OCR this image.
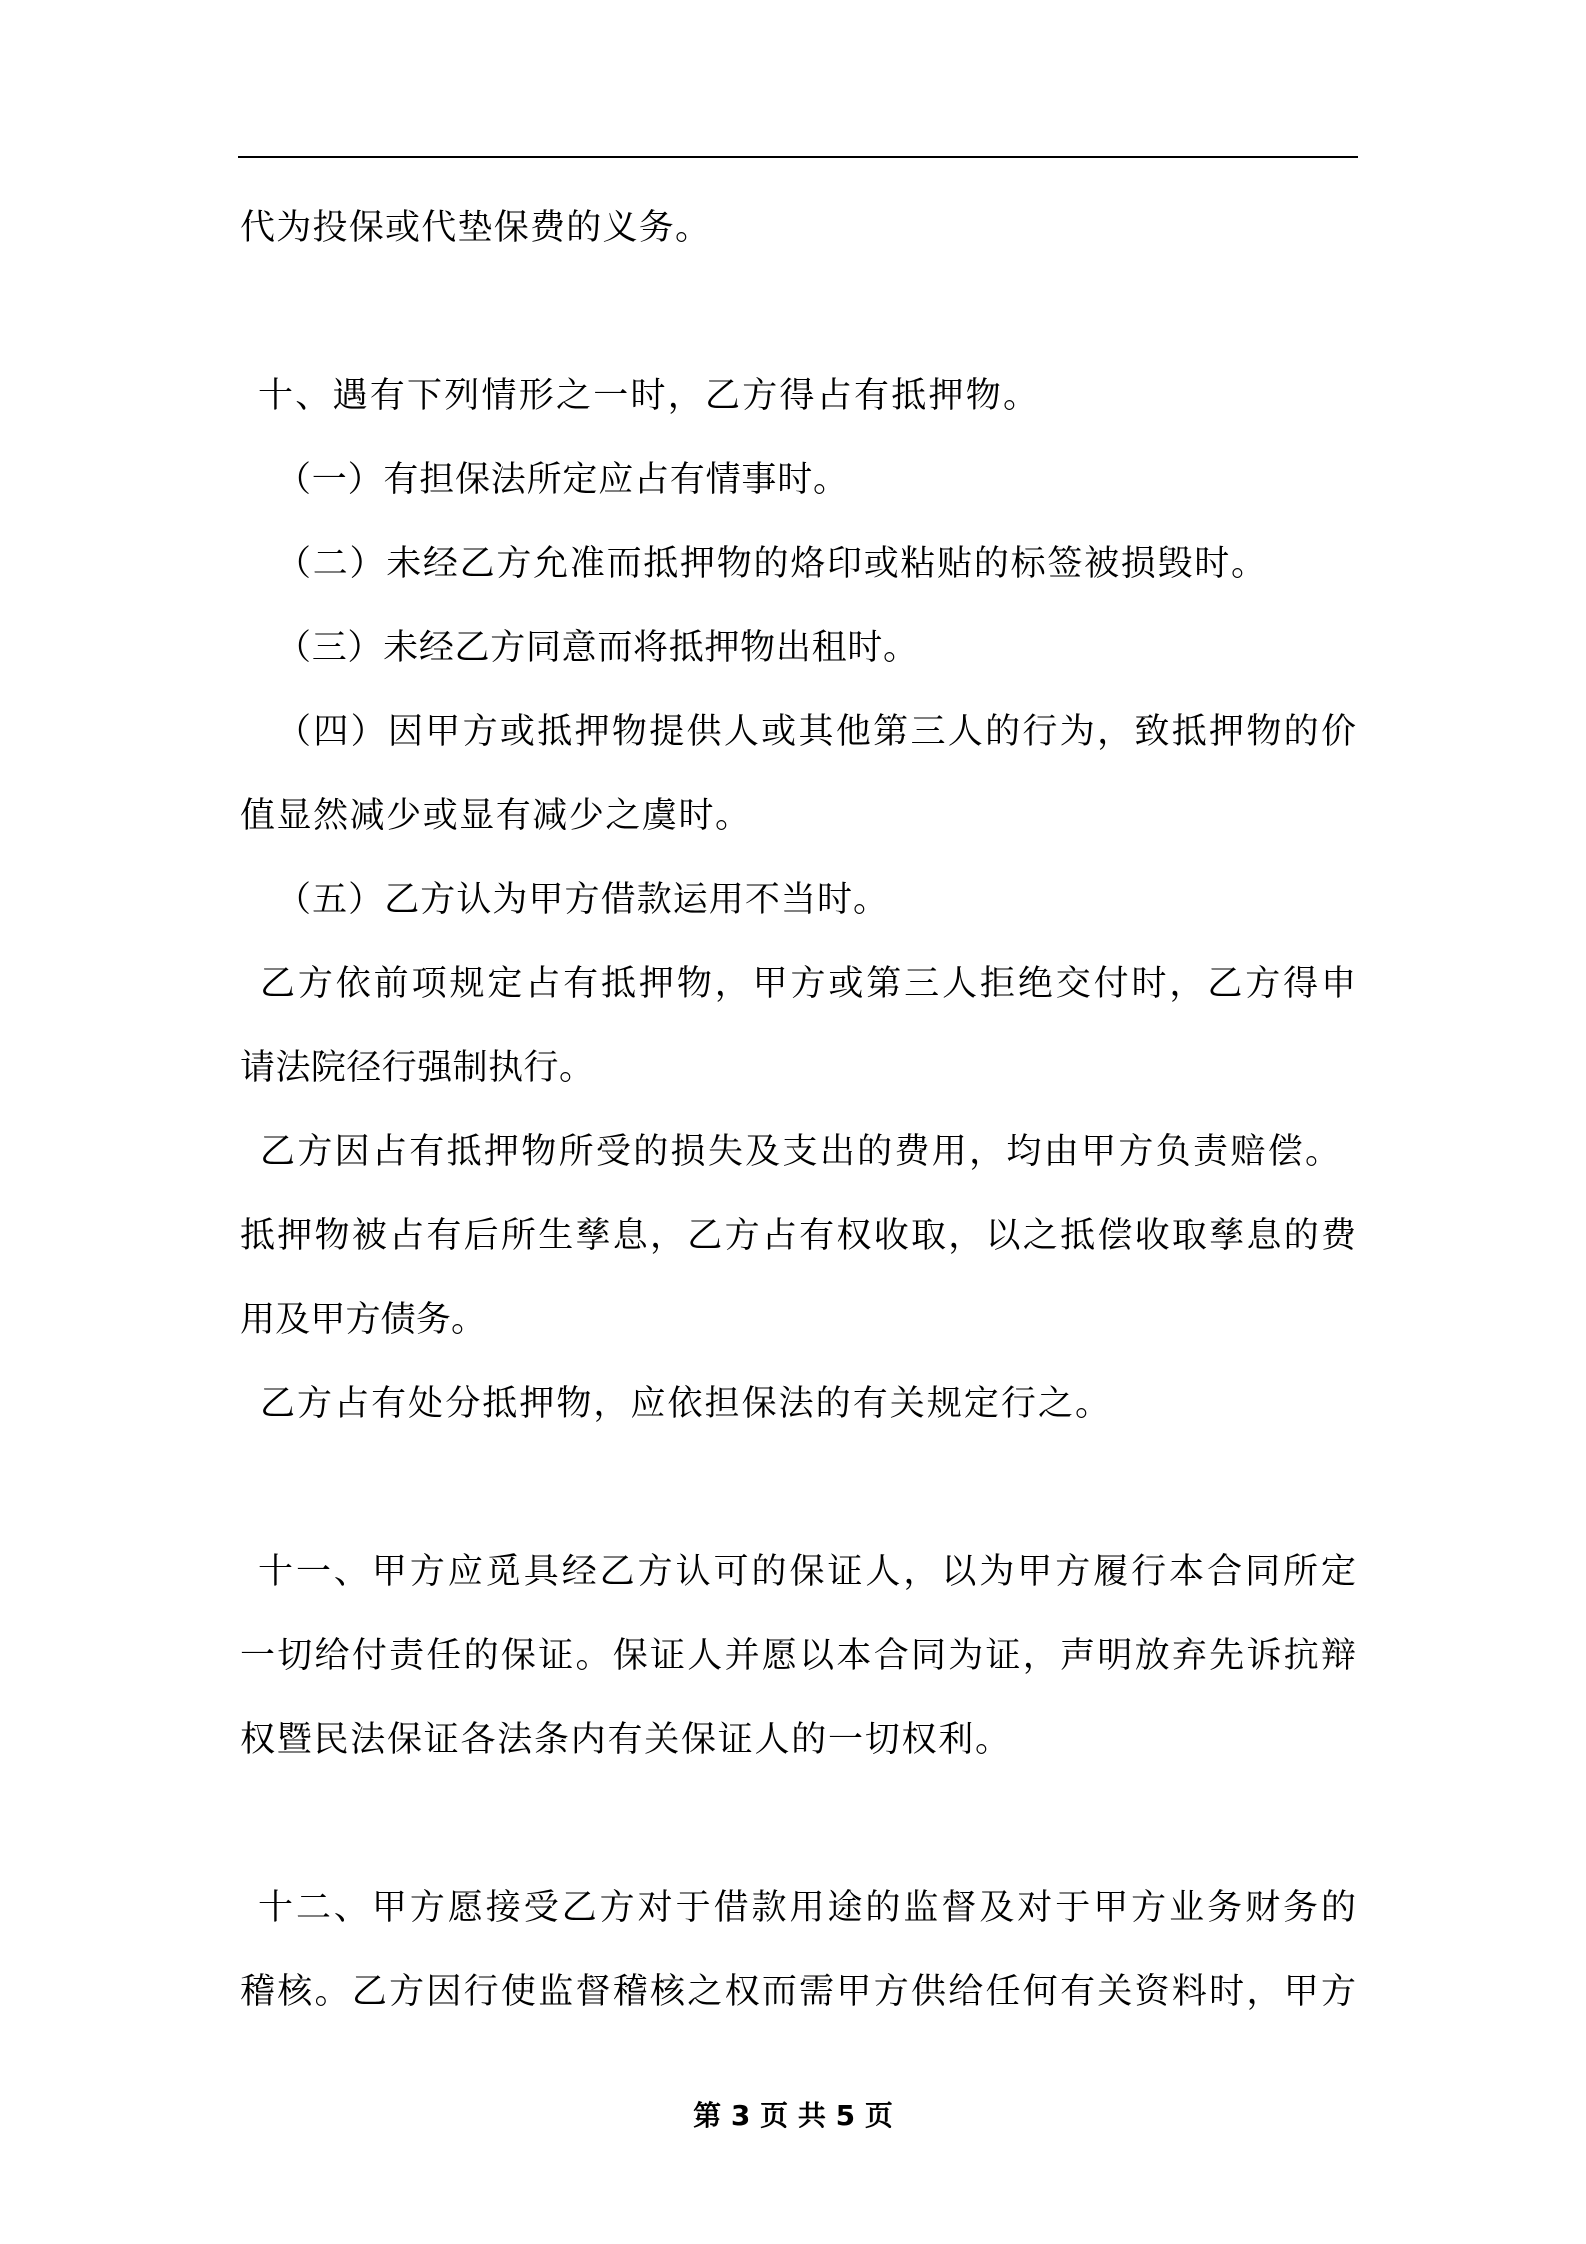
代为投保或代垫保费的义务。

十、遇有下列情形之一时，乙方得占有抵押物。

（一）有担保法所定应占有情事时。

（二）未经乙方允准而抵押物的烙印或粘贴的标签被损毁时。

（三）未经乙方同意而将抵押物出租时。

（四）因甲方或抵押物提供人或其他第三人的行为，致抵押物的价

值显然减少或显有减少之虞时。

（五）乙方认为甲方借款运用不当时。

乙方依前项规定占有抵押物，甲方或第三人拒绝交付时，乙方得申

请法院径行强制执行。

乙方因占有抵押物所受的损失及支出的费用，均由甲方负责赔偿。

抵押物被占有后所生孳息，乙方占有权收取，以之抵偿收取孳息的费

用及甲方债务。

乙方占有处分抵押物，应依担保法的有关规定行之。

十一、甲方应觅具经乙方认可的保证人，以为甲方履行本合同所定

一切给付责任的保证。保证人并愿以本合同为证，声明放弃先诉抗辩

权暨民法保证各法条内有关保证人的一切权利。

十二、甲方愿接受乙方对于借款用途的监督及对于甲方业务财务的

稽核。乙方因行使监督稽核之权而需甲方供给任何有关资料时，甲方

第 3 页 共 5 页
